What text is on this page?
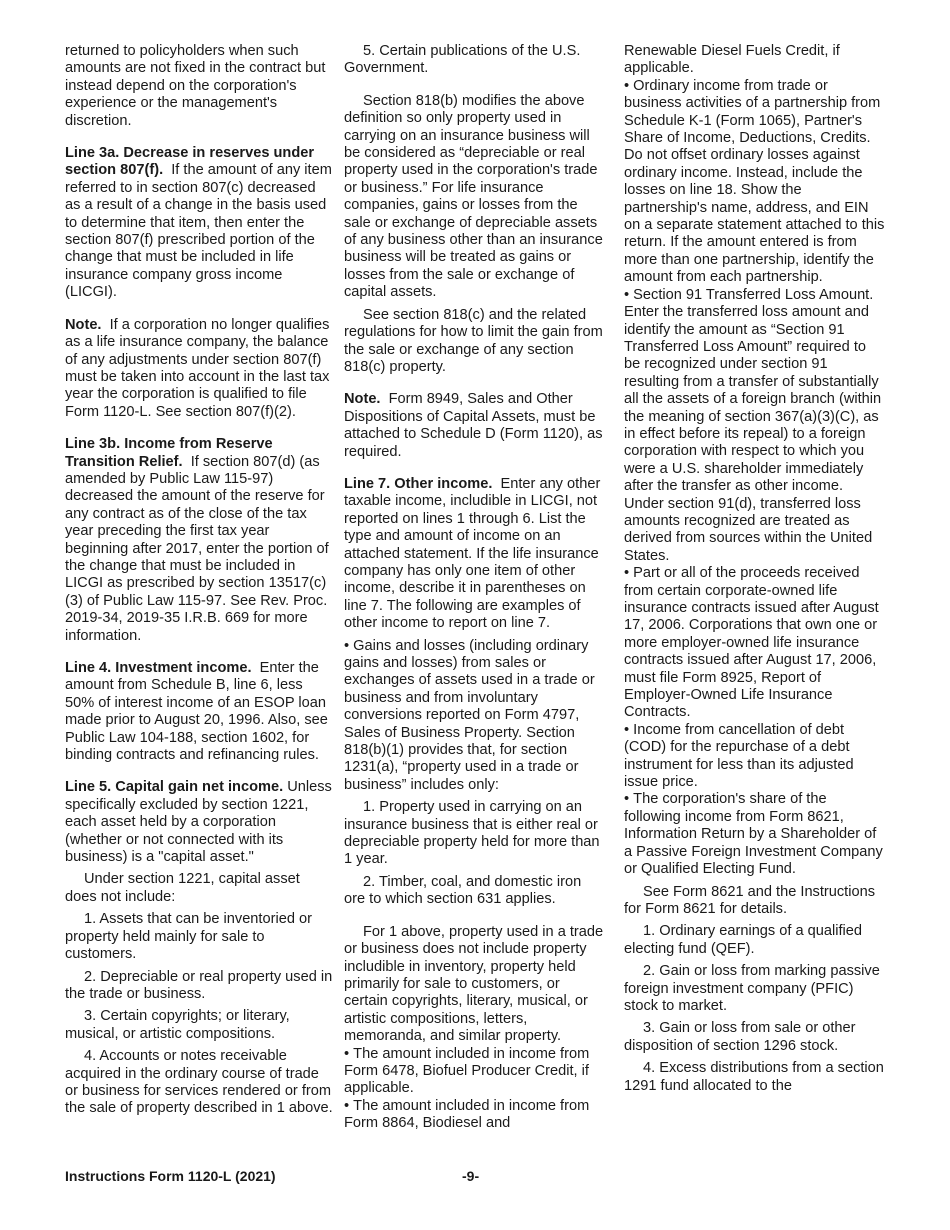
returned to policyholders when such amounts are not fixed in the contract but instead depend on the corporation's experience or the management's discretion.

Line 3a. Decrease in reserves under section 807(f). If the amount of any item referred to in section 807(c) decreased as a result of a change in the basis used to determine that item, then enter the section 807(f) prescribed portion of the change that must be included in life insurance company gross income (LICGI).

Note. If a corporation no longer qualifies as a life insurance company, the balance of any adjustments under section 807(f) must be taken into account in the last tax year the corporation is qualified to file Form 1120-L. See section 807(f)(2).

Line 3b. Income from Reserve Transition Relief. If section 807(d) (as amended by Public Law 115-97) decreased the amount of the reserve for any contract as of the close of the tax year preceding the first tax year beginning after 2017, enter the portion of the change that must be included in LICGI as prescribed by section 13517(c)(3) of Public Law 115-97. See Rev. Proc. 2019-34, 2019-35 I.R.B. 669 for more information.

Line 4. Investment income. Enter the amount from Schedule B, line 6, less 50% of interest income of an ESOP loan made prior to August 20, 1996. Also, see Public Law 104-188, section 1602, for binding contracts and refinancing rules.

Line 5. Capital gain net income. Unless specifically excluded by section 1221, each asset held by a corporation (whether or not connected with its business) is a "capital asset."

Under section 1221, capital asset does not include:

1. Assets that can be inventoried or property held mainly for sale to customers.

2. Depreciable or real property used in the trade or business.

3. Certain copyrights; or literary, musical, or artistic compositions.

4. Accounts or notes receivable acquired in the ordinary course of trade or business for services rendered or from the sale of property described in 1 above.

5. Certain publications of the U.S. Government.

Section 818(b) modifies the above definition so only property used in carrying on an insurance business will be considered as “depreciable or real property used in the corporation's trade or business.” For life insurance companies, gains or losses from the sale or exchange of depreciable assets of any business other than an insurance business will be treated as gains or losses from the sale or exchange of capital assets.

See section 818(c) and the related regulations for how to limit the gain from the sale or exchange of any section 818(c) property.

Note. Form 8949, Sales and Other Dispositions of Capital Assets, must be attached to Schedule D (Form 1120), as required.

Line 7. Other income. Enter any other taxable income, includible in LICGI, not reported on lines 1 through 6. List the type and amount of income on an attached statement. If the life insurance company has only one item of other income, describe it in parentheses on line 7. The following are examples of other income to report on line 7.

• Gains and losses (including ordinary gains and losses) from sales or exchanges of assets used in a trade or business and from involuntary conversions reported on Form 4797, Sales of Business Property. Section 818(b)(1) provides that, for section 1231(a), “property used in a trade or business” includes only:

1. Property used in carrying on an insurance business that is either real or depreciable property held for more than 1 year.

2. Timber, coal, and domestic iron ore to which section 631 applies.

For 1 above, property used in a trade or business does not include property includible in inventory, property held primarily for sale to customers, or certain copyrights, literary, musical, or artistic compositions, letters, memoranda, and similar property.

• The amount included in income from Form 6478, Biofuel Producer Credit, if applicable.

• The amount included in income from Form 8864, Biodiesel and

Renewable Diesel Fuels Credit, if applicable.

• Ordinary income from trade or business activities of a partnership from Schedule K-1 (Form 1065), Partner's Share of Income, Deductions, Credits. Do not offset ordinary losses against ordinary income. Instead, include the losses on line 18. Show the partnership's name, address, and EIN on a separate statement attached to this return. If the amount entered is from more than one partnership, identify the amount from each partnership.

• Section 91 Transferred Loss Amount. Enter the transferred loss amount and identify the amount as “Section 91 Transferred Loss Amount” required to be recognized under section 91 resulting from a transfer of substantially all the assets of a foreign branch (within the meaning of section 367(a)(3)(C), as in effect before its repeal) to a foreign corporation with respect to which you were a U.S. shareholder immediately after the transfer as other income. Under section 91(d), transferred loss amounts recognized are treated as derived from sources within the United States.

• Part or all of the proceeds received from certain corporate-owned life insurance contracts issued after August 17, 2006. Corporations that own one or more employer-owned life insurance contracts issued after August 17, 2006, must file Form 8925, Report of Employer-Owned Life Insurance Contracts.

• Income from cancellation of debt (COD) for the repurchase of a debt instrument for less than its adjusted issue price.

• The corporation's share of the following income from Form 8621, Information Return by a Shareholder of a Passive Foreign Investment Company or Qualified Electing Fund.

See Form 8621 and the Instructions for Form 8621 for details.

1. Ordinary earnings of a qualified electing fund (QEF).

2. Gain or loss from marking passive foreign investment company (PFIC) stock to market.

3. Gain or loss from sale or other disposition of section 1296 stock.

4. Excess distributions from a section 1291 fund allocated to the

Instructions Form 1120-L (2021)	-9-
